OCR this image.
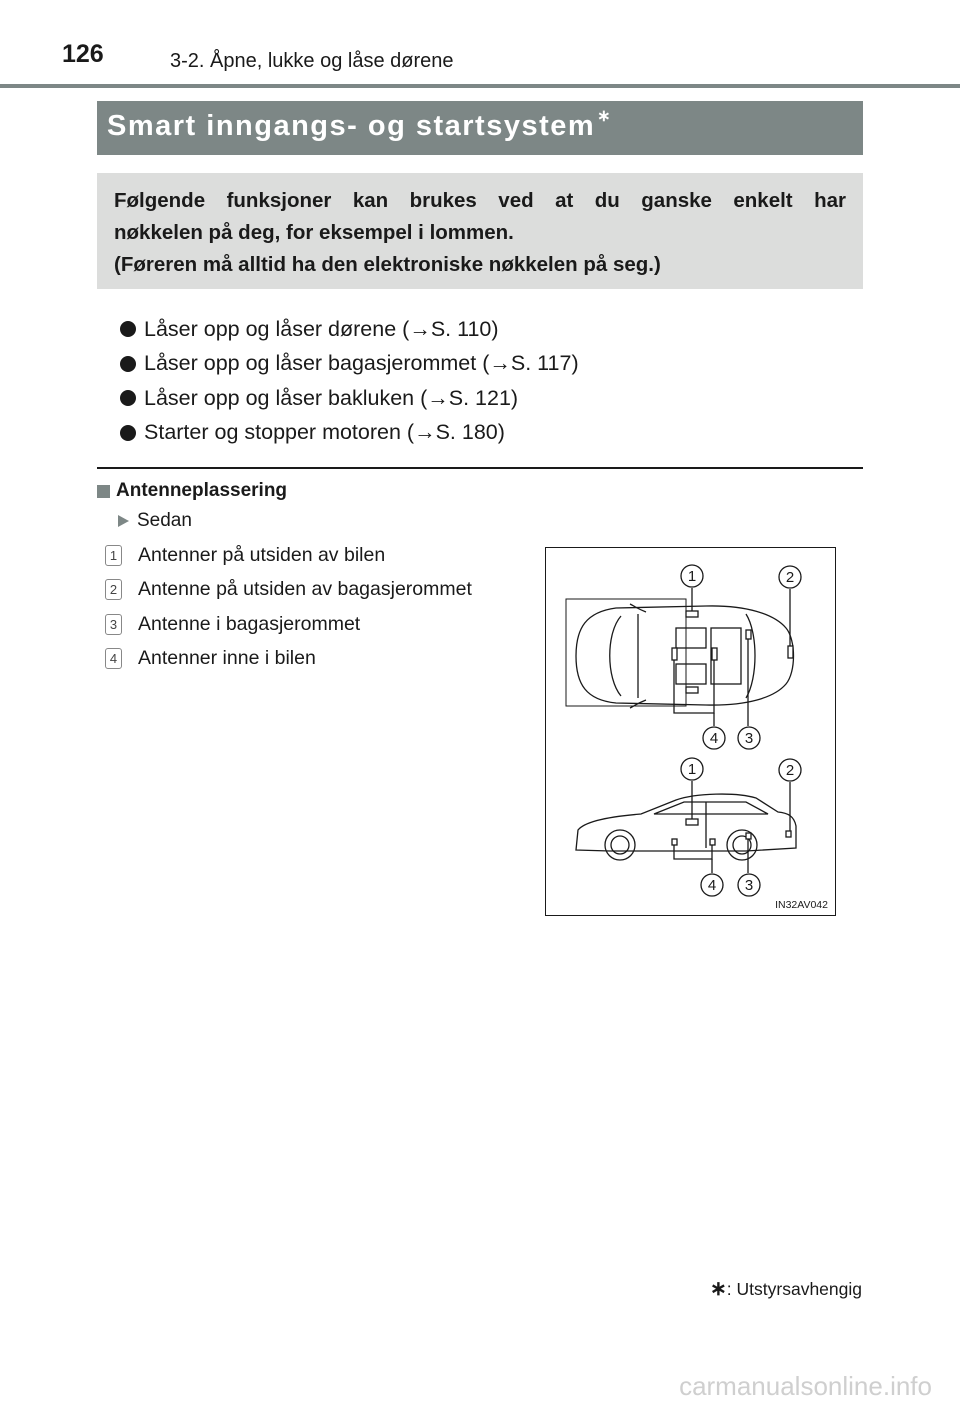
126	3-2. Åpne, lukke og låse dørene
Smart inngangs- og startsystem ∗
Følgende funksjoner kan brukes ved at du ganske enkelt har
nøkkelen på deg, for eksempel i lommen.
(Føreren må alltid ha den elektroniske nøkkelen på seg.)
Låser opp og låser dørene (→S. 110)
Låser opp og låser bagasjerommet (→S. 117)
Låser opp og låser bakluken (→S. 121)
Starter og stopper motoren (→S. 180)
Antenneplassering
Sedan
1 Antenner på utsiden av bilen
2 Antenne på utsiden av bagasjerommet
3 Antenne i bagasjerommet
4 Antenner inne i bilen
1	2
4 3
1	2
4 3
IN32AV042
∗: Utstyrsavhengig
carmanualsonline.info
